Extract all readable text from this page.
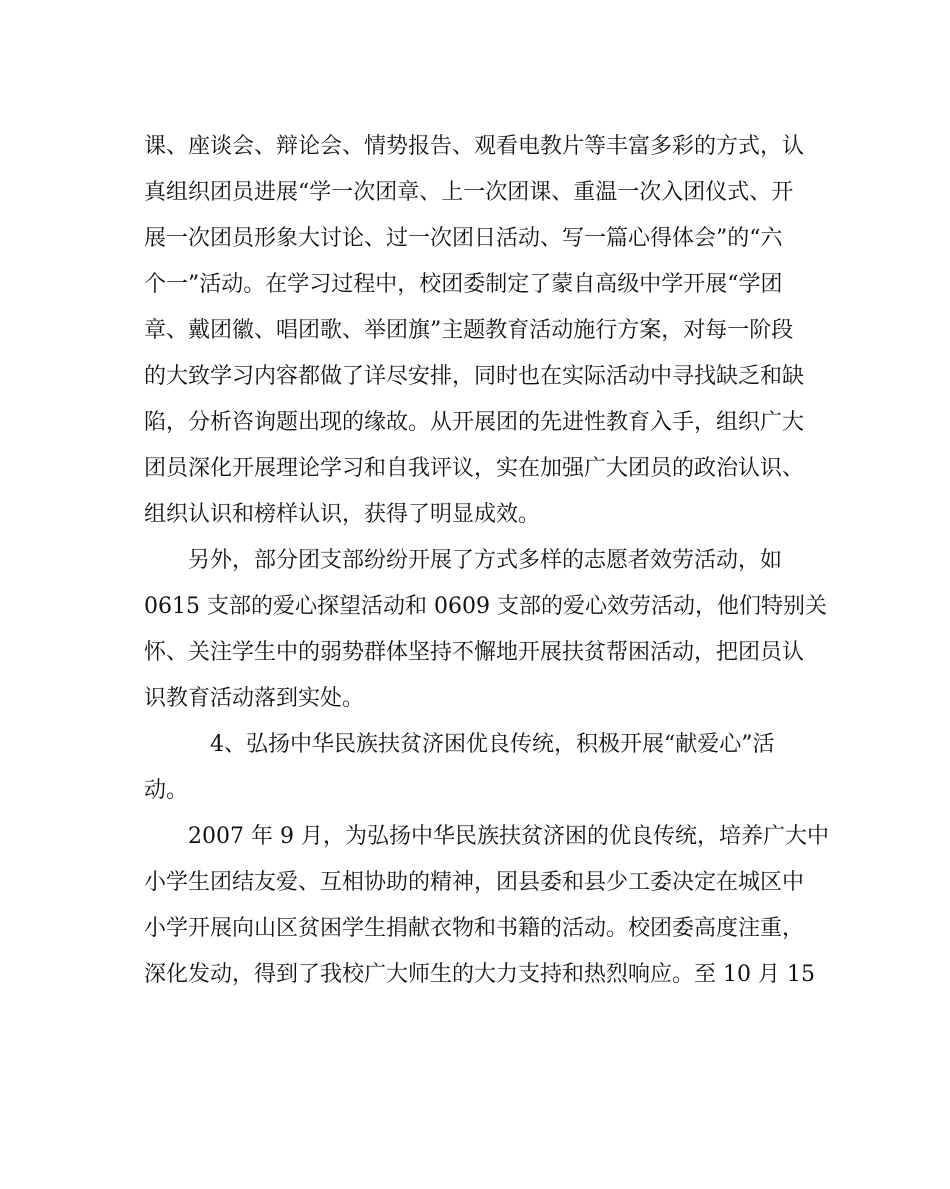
课、座谈会、辩论会、情势报告、观看电教片等丰富多彩的方式，认
真组织团员进展“学一次团章、上一次团课、重温一次入团仪式、开
展一次团员形象大讨论、过一次团日活动、写一篇心得体会”的“六
个一”活动。在学习过程中，校团委制定了蒙自高级中学开展“学团
章、戴团徽、唱团歌、举团旗”主题教育活动施行方案，对每一阶段
的大致学习内容都做了详尽安排，同时也在实际活动中寻找缺乏和缺
陷，分析咨询题出现的缘故。从开展团的先进性教育入手，组织广大
团员深化开展理论学习和自我评议，实在加强广大团员的政治认识、
组织认识和榜样认识，获得了明显成效。
　　另外，部分团支部纷纷开展了方式多样的志愿者效劳活动，如
0615 支部的爱心探望活动和 0609 支部的爱心效劳活动，他们特别关
怀、关注学生中的弱势群体坚持不懈地开展扶贫帮困活动，把团员认
识教育活动落到实处。
　　　4、弘扬中华民族扶贫济困优良传统，积极开展“献爱心”活
动。
　　2007 年 9 月，为弘扬中华民族扶贫济困的优良传统，培养广大中
小学生团结友爱、互相协助的精神，团县委和县少工委决定在城区中
小学开展向山区贫困学生捐献衣物和书籍的活动。校团委高度注重，
深化发动，得到了我校广大师生的大力支持和热烈响应。至 10 月 15
